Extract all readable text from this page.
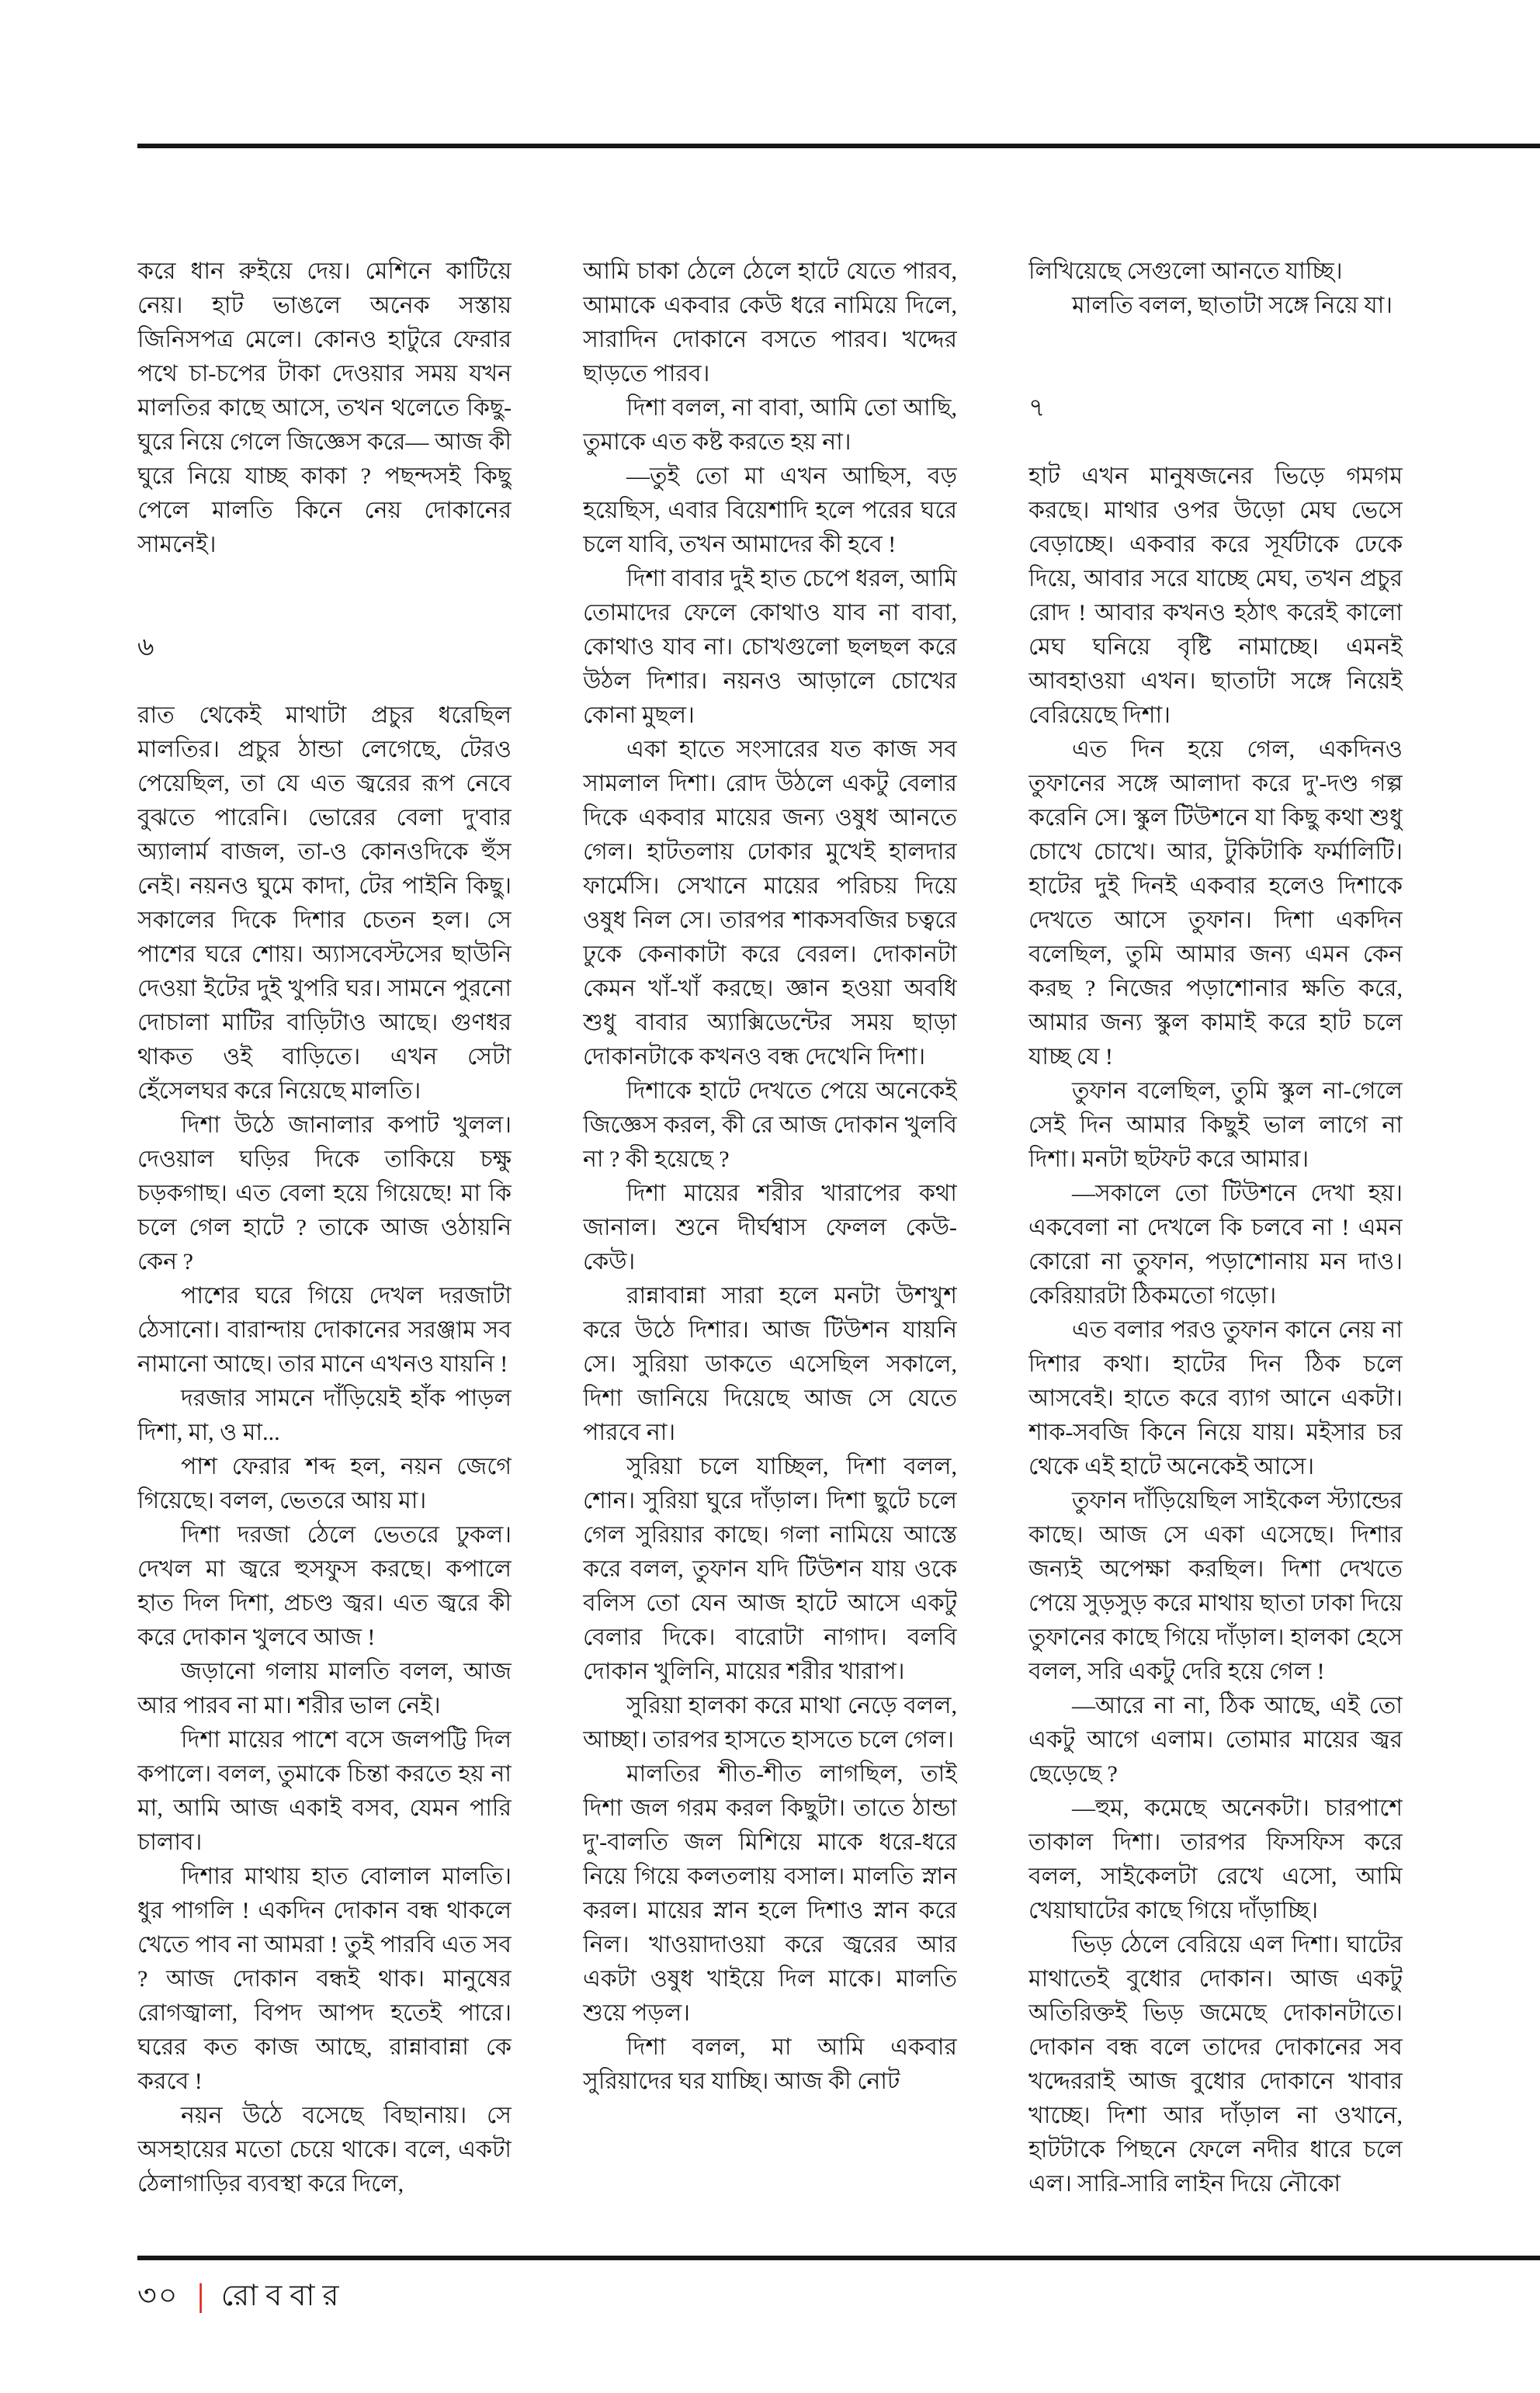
করে ধান রুইয়ে দেয়। মেশিনে কাটিয়ে নেয়। হাট ভাঙলে অনেক সস্তায় জিনিসপত্র মেলে। কোনও হাটুরে ফেরার পথে চা-চপের টাকা দেওয়ার সময় যখন মালতির কাছে আসে, তখন থলেতে কিছু-ঘুরে নিয়ে গেলে জিজ্ঞেস করে— আজ কী ঘুরে নিয়ে যাচ্ছ কাকা ? পছন্দসই কিছু পেলে মালতি কিনে নেয় দোকানের সামনেই।

৬

রাত থেকেই মাথাটা প্রচুর ধরেছিল মালতির। প্রচুর ঠান্ডা লেগেছে, টেরও পেয়েছিল, তা যে এত জ্বরের রূপ নেবে বুঝতে পারেনি। ভোরের বেলা দু'বার অ্যালার্ম বাজল, তা-ও কোনওদিকে হুঁস নেই। নয়নও ঘুমে কাদা, টের পাইনি কিছু। সকালের দিকে দিশার চেতন হল। সে পাশের ঘরে শোয়। অ্যাসবেস্টসের ছাউনি দেওয়া ইটের দুই খুপরি ঘর। সামনে পুরনো দোচালা মাটির বাড়িটাও আছে। গুণধর থাকত ওই বাড়িতে। এখন সেটা হেঁসেলঘর করে নিয়েছে মালতি।

দিশা উঠে জানালার কপাট খুলল। দেওয়াল ঘড়ির দিকে তাকিয়ে চক্ষু চড়কগাছ। এত বেলা হয়ে গিয়েছে! মা কি চলে গেল হাটে ? তাকে আজ ওঠায়নি কেন ?

পাশের ঘরে গিয়ে দেখল দরজাটা ঠেসানো। বারান্দায় দোকানের সরঞ্জাম সব নামানো আছে। তার মানে এখনও যায়নি !

দরজার সামনে দাঁড়িয়েই হাঁক পাড়ল দিশা, মা, ও মা...

পাশ ফেরার শব্দ হল, নয়ন জেগে গিয়েছে। বলল, ভেতরে আয় মা।

দিশা দরজা ঠেলে ভেতরে ঢুকল। দেখল মা জ্বরে হুসফুস করছে। কপালে হাত দিল দিশা, প্রচণ্ড জ্বর। এত জ্বরে কী করে দোকান খুলবে আজ !

জড়ানো গলায় মালতি বলল, আজ আর পারব না মা। শরীর ভাল নেই।

দিশা মায়ের পাশে বসে জলপট্টি দিল কপালে। বলল, তুমাকে চিন্তা করতে হয় না মা, আমি আজ একাই বসব, যেমন পারি চালাব।

দিশার মাথায় হাত বোলাল মালতি। ধুর পাগলি ! একদিন দোকান বন্ধ থাকলে খেতে পাব না আমরা ! তুই পারবি এত সব ? আজ দোকান বন্ধই থাক। মানুষের রোগজ্বালা, বিপদ আপদ হতেই পারে। ঘরের কত কাজ আছে, রান্নাবান্না কে করবে !

নয়ন উঠে বসেছে বিছানায়। সে অসহায়ের মতো চেয়ে থাকে। বলে, একটা ঠেলাগাড়ির ব্যবস্থা করে দিলে,

আমি চাকা ঠেলে ঠেলে হাটে যেতে পারব, আমাকে একবার কেউ ধরে নামিয়ে দিলে, সারাদিন দোকানে বসতে পারব। খদ্দের ছাড়তে পারব।

দিশা বলল, না বাবা, আমি তো আছি, তুমাকে এত কষ্ট করতে হয় না।

—তুই তো মা এখন আছিস, বড় হয়েছিস, এবার বিয়েশাদি হলে পরের ঘরে চলে যাবি, তখন আমাদের কী হবে !

দিশা বাবার দুই হাত চেপে ধরল, আমি তোমাদের ফেলে কোথাও যাব না বাবা, কোথাও যাব না। চোখগুলো ছলছল করে উঠল দিশার। নয়নও আড়ালে চোখের কোনা মুছল।

একা হাতে সংসারের যত কাজ সব সামলাল দিশা। রোদ উঠলে একটু বেলার দিকে একবার মায়ের জন্য ওষুধ আনতে গেল। হাটতলায় ঢোকার মুখেই হালদার ফার্মেসি। সেখানে মায়ের পরিচয় দিয়ে ওষুধ নিল সে। তারপর শাকসবজির চত্বরে ঢুকে কেনাকাটা করে বেরল। দোকানটা কেমন খাঁ-খাঁ করছে। জ্ঞান হওয়া অবধি শুধু বাবার অ্যাক্সিডেন্টের সময় ছাড়া দোকানটাকে কখনও বন্ধ দেখেনি দিশা।

দিশাকে হাটে দেখতে পেয়ে অনেকেই জিজ্ঞেস করল, কী রে আজ দোকান খুলবি না ? কী হয়েছে ?

দিশা মায়ের শরীর খারাপের কথা জানাল। শুনে দীর্ঘশ্বাস ফেলল কেউ-কেউ।

রান্নাবান্না সারা হলে মনটা উশখুশ করে উঠে দিশার। আজ টিউশন যায়নি সে। সুরিয়া ডাকতে এসেছিল সকালে, দিশা জানিয়ে দিয়েছে আজ সে যেতে পারবে না।

সুরিয়া চলে যাচ্ছিল, দিশা বলল, শোন। সুরিয়া ঘুরে দাঁড়াল। দিশা ছুটে চলে গেল সুরিয়ার কাছে। গলা নামিয়ে আস্তে করে বলল, তুফান যদি টিউশন যায় ওকে বলিস তো যেন আজ হাটে আসে একটু বেলার দিকে। বারোটা নাগাদ। বলবি দোকান খুলিনি, মায়ের শরীর খারাপ।

সুরিয়া হালকা করে মাথা নেড়ে বলল, আচ্ছা। তারপর হাসতে হাসতে চলে গেল।

মালতির শীত-শীত লাগছিল, তাই দিশা জল গরম করল কিছুটা। তাতে ঠান্ডা দু'-বালতি জল মিশিয়ে মাকে ধরে-ধরে নিয়ে গিয়ে কলতলায় বসাল। মালতি স্নান করল। মায়ের স্নান হলে দিশাও স্নান করে নিল। খাওয়াদাওয়া করে জ্বরের আর একটা ওষুধ খাইয়ে দিল মাকে। মালতি শুয়ে পড়ল।

দিশা বলল, মা আমি একবার সুরিয়াদের ঘর যাচ্ছি। আজ কী নোট

লিখিয়েছে সেগুলো আনতে যাচ্ছি।

মালতি বলল, ছাতাটা সঙ্গে নিয়ে যা।

৭

হাট এখন মানুষজনের ভিড়ে গমগম করছে। মাথার ওপর উড়ো মেঘ ভেসে বেড়াচ্ছে। একবার করে সূর্যটাকে ঢেকে দিয়ে, আবার সরে যাচ্ছে মেঘ, তখন প্রচুর রোদ ! আবার কখনও হঠাৎ করেই কালো মেঘ ঘনিয়ে বৃষ্টি নামাচ্ছে। এমনই আবহাওয়া এখন। ছাতাটা সঙ্গে নিয়েই বেরিয়েছে দিশা।

এত দিন হয়ে গেল, একদিনও তুফানের সঙ্গে আলাদা করে দু'-দণ্ড গল্প করেনি সে। স্কুল টিউশনে যা কিছু কথা শুধু চোখে চোখে। আর, টুকিটাকি ফর্মালিটি। হাটের দুই দিনই একবার হলেও দিশাকে দেখতে আসে তুফান। দিশা একদিন বলেছিল, তুমি আমার জন্য এমন কেন করছ ? নিজের পড়াশোনার ক্ষতি করে, আমার জন্য স্কুল কামাই করে হাট চলে যাচ্ছ যে !

তুফান বলেছিল, তুমি স্কুল না-গেলে সেই দিন আমার কিছুই ভাল লাগে না দিশা। মনটা ছটফট করে আমার।

—সকালে তো টিউশনে দেখা হয়। একবেলা না দেখলে কি চলবে না ! এমন কোরো না তুফান, পড়াশোনায় মন দাও। কেরিয়ারটা ঠিকমতো গড়ো।

এত বলার পরও তুফান কানে নেয় না দিশার কথা। হাটের দিন ঠিক চলে আসবেই। হাতে করে ব্যাগ আনে একটা। শাক-সবজি কিনে নিয়ে যায়। মইসার চর থেকে এই হাটে অনেকেই আসে।

তুফান দাঁড়িয়েছিল সাইকেল স্ট্যান্ডের কাছে। আজ সে একা এসেছে। দিশার জন্যই অপেক্ষা করছিল। দিশা দেখতে পেয়ে সুড়সুড় করে মাথায় ছাতা ঢাকা দিয়ে তুফানের কাছে গিয়ে দাঁড়াল। হালকা হেসে বলল, সরি একটু দেরি হয়ে গেল !

—আরে না না, ঠিক আছে, এই তো একটু আগে এলাম। তোমার মায়ের জ্বর ছেড়েছে ?

—হুম, কমেছে অনেকটা। চারপাশে তাকাল দিশা। তারপর ফিসফিস করে বলল, সাইকেলটা রেখে এসো, আমি খেয়াঘাটের কাছে গিয়ে দাঁড়াচ্ছি।

ভিড় ঠেলে বেরিয়ে এল দিশা। ঘাটের মাথাতেই বুধোর দোকান। আজ একটু অতিরিক্তই ভিড় জমেছে দোকানটাতে। দোকান বন্ধ বলে তাদের দোকানের সব খদ্দেররাই আজ বুধোর দোকানে খাবার খাচ্ছে। দিশা আর দাঁড়াল না ওখানে, হাটটাকে পিছনে ফেলে নদীর ধারে চলে এল। সারি-সারি লাইন দিয়ে নৌকো

৩০ | রোববার
